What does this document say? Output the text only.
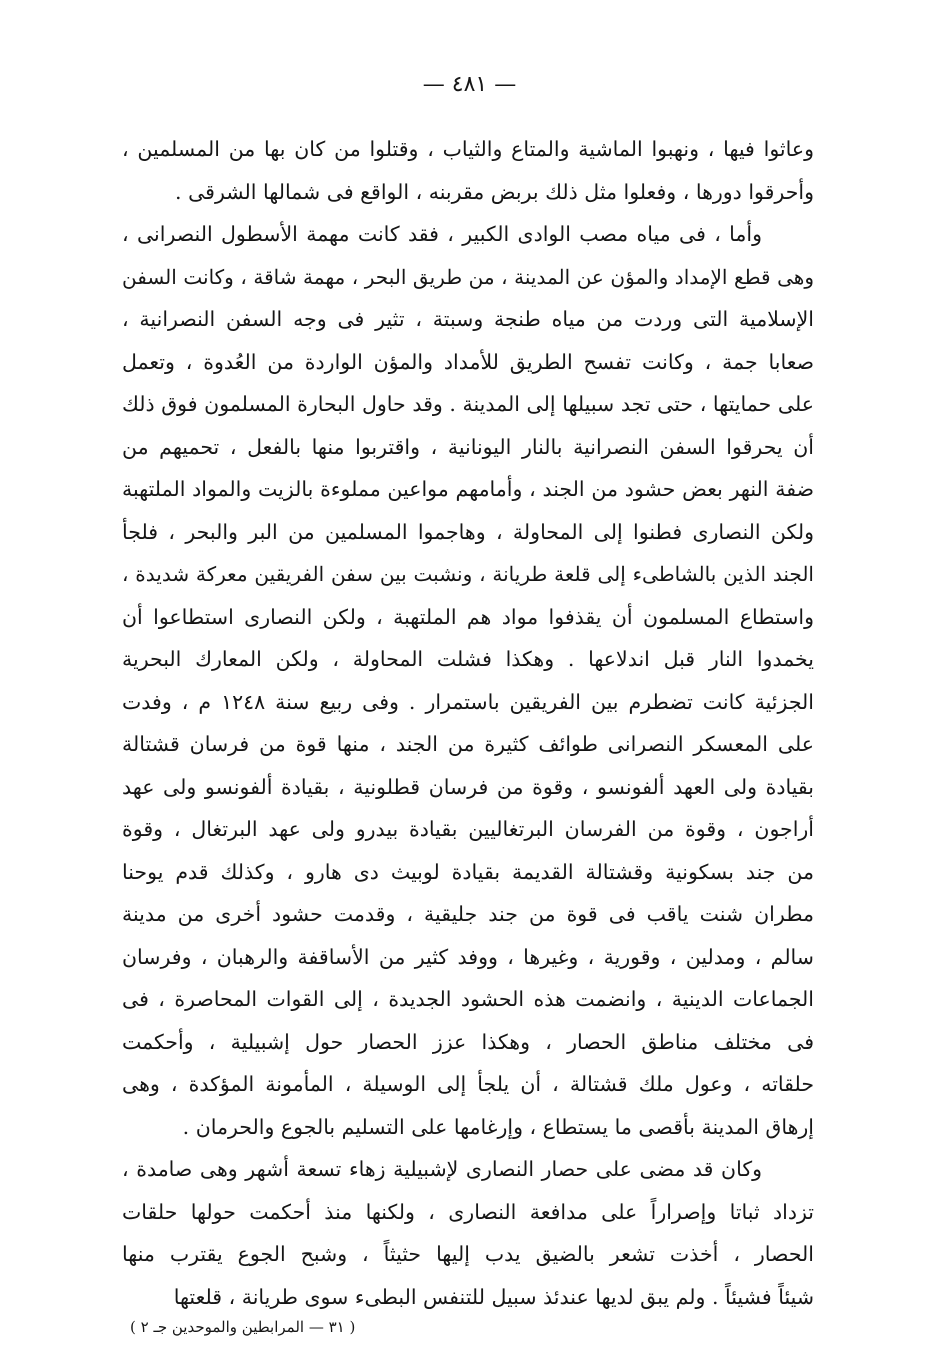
— ٤٨١ —

وعاثوا فيها ، ونهبوا الماشية والمتاع والثياب ، وقتلوا من كان بها من المسلمين ،
وأحرقوا دورها ، وفعلوا مثل ذلك بربض مقربنه ، الواقع فى شمالها الشرقى .

وأما ، فى مياه مصب الوادى الكبير ، فقد كانت مهمة الأسطول النصرانى ،
وهى قطع الإمداد والمؤن عن المدينة ، من طريق البحر ، مهمة شاقة ، وكانت السفن
الإسلامية التى وردت من مياه طنجة وسبتة ، تثير فى وجه السفن النصرانية ،
صعابا جمة ، وكانت تفسح الطريق للأمداد والمؤن الواردة من العُدوة ، وتعمل
على حمايتها ، حتى تجد سبيلها إلى المدينة . وقد حاول البحارة المسلمون فوق ذلك
أن يحرقوا السفن النصرانية بالنار اليونانية ، واقتربوا منها بالفعل ، تحميهم من
ضفة النهر بعض حشود من الجند ، وأمامهم مواعين مملوءة بالزيت والمواد الملتهبة
ولكن النصارى فطنوا إلى المحاولة ، وهاجموا المسلمين من البر والبحر ، فلجأ
الجند الذين بالشاطىء إلى قلعة طريانة ، ونشبت بين سفن الفريقين معركة شديدة ،
واستطاع المسلمون أن يقذفوا مواد هم الملتهبة ، ولكن النصارى استطاعوا أن
يخمدوا النار قبل اندلاعها . وهكذا فشلت المحاولة ، ولكن المعارك البحرية
الجزئية كانت تضطرم بين الفريقين باستمرار . وفى ربيع سنة ١٢٤٨ م ، وفدت
على المعسكر النصرانى طوائف كثيرة من الجند ، منها قوة من فرسان قشتالة
بقيادة ولى العهد ألفونسو ، وقوة من فرسان قطلونية ، بقيادة ألفونسو ولى عهد
أراجون ، وقوة من الفرسان البرتغاليين بقيادة بيدرو ولى عهد البرتغال ، وقوة
من جند بسكونية وقشتالة القديمة بقيادة لوبيث دى هارو ، وكذلك قدم يوحنا
مطران شنت ياقب فى قوة من جند جليقية ، وقدمت حشود أخرى من مدينة
سالم ، ومدلين ، وقورية ، وغيرها ، ووفد كثير من الأساقفة والرهبان ، وفرسان
الجماعات الدينية ، وانضمت هذه الحشود الجديدة ، إلى القوات المحاصرة ، فى
فى مختلف مناطق الحصار ، وهكذا عزز الحصار حول إشبيلية ، وأحكمت
حلقاته ، وعول ملك قشتالة ، أن يلجأ إلى الوسيلة ، المأمونة المؤكدة ، وهى
إرهاق المدينة بأقصى ما يستطاع ، وإرغامها على التسليم بالجوع والحرمان .

وكان قد مضى على حصار النصارى لإشبيلية زهاء تسعة أشهر وهى صامدة ،
تزداد ثباتا وإصراراً على مدافعة النصارى ، ولكنها منذ أحكمت حولها حلقات
الحصار ، أخذت تشعر بالضيق يدب إليها حثيثاً ، وشبح الجوع يقترب منها
شيئاً فشيئاً . ولم يبق لديها عندئذ سبيل للتنفس البطىء سوى طريانة ، قلعتها

( ٣١ — المرابطين والموحدين جـ ٢ )
